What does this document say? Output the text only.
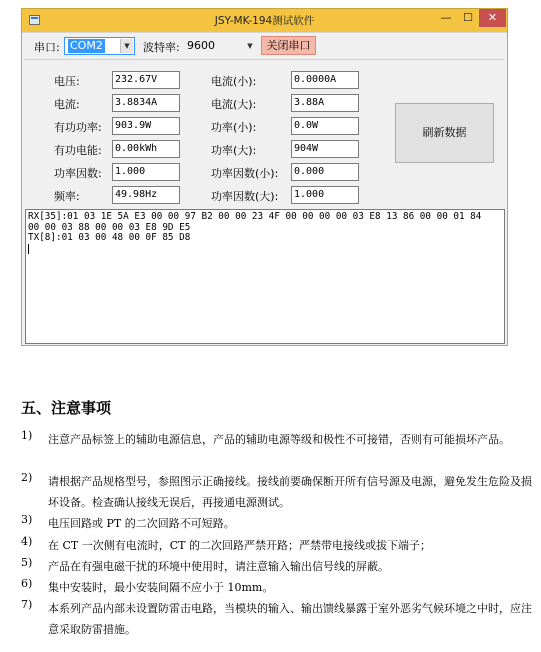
JSY-MK-194测试软件	—	☐	✕
串口: COM2	▼	波特率: 9600	▼	关闭串口
电压:	232.67V
电流:	3.8834A
有功功率:	903.9W
有功电能:	0.00kWh
功率因数:	1.000
频率:	49.98Hz
电流(小):	0.0000A
电流(大):	3.88A
功率(小):	0.0W
功率(大):	904W
功率因数(小):	0.000
功率因数(大):	1.000
刷新数据
RX[35]:01 03 1E 5A E3 00 00 97 B2 00 00 23 4F 00 00 00 00 03 E8 13 86 00 00 01 84
00 00 03 88 00 00 03 E8 9D E5
TX[8]:01 03 00 48 00 0F 85 D8

五、注意事项
1) 注意产品标签上的辅助电源信息，产品的辅助电源等级和极性不可接错，否则有可能损坏产品。
2) 请根据产品规格型号，参照图示正确接线。接线前要确保断开所有信号源及电源，避免发生危险及损坏设备。检查确认接线无误后，再接通电源测试。
3) 电压回路或 PT 的二次回路不可短路。
4) 在 CT 一次侧有电流时，CT 的二次回路严禁开路；严禁带电接线或拔下端子；
5) 产品在有强电磁干扰的环境中使用时，请注意输入输出信号线的屏蔽。
6) 集中安装时，最小安装间隔不应小于 10mm。
7) 本系列产品内部未设置防雷击电路，当模块的输入、输出馈线暴露于室外恶劣气候环境之中时，应注意采取防雷措施。
